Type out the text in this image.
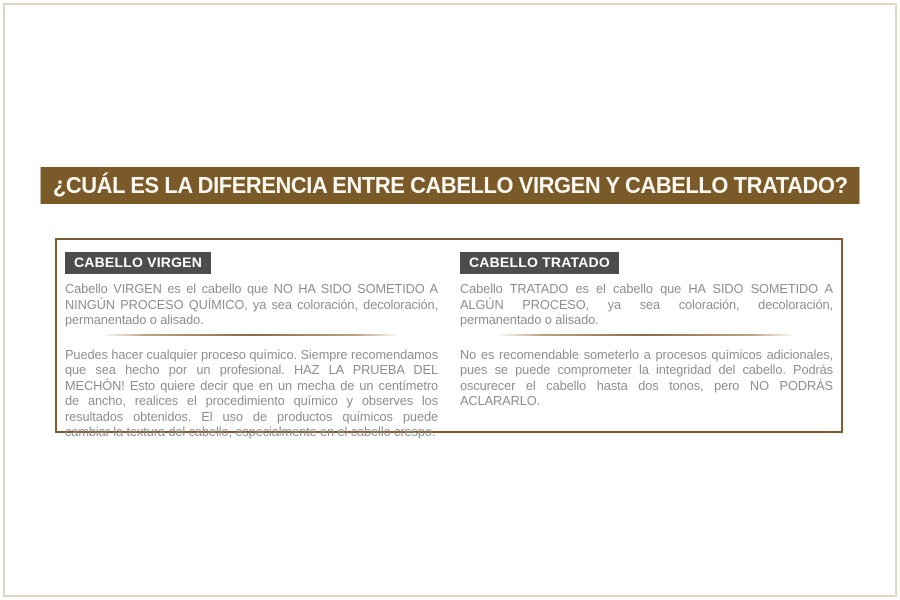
¿CUÁL ES LA DIFERENCIA ENTRE CABELLO VIRGEN Y CABELLO TRATADO?
CABELLO VIRGEN	CABELLO TRATADO

Cabello VIRGEN es el cabello que NO HA SIDO SOMETIDO A NINGÚN PROCESO QUÍMICO, ya sea coloración, decoloración, permanentado o alisado.

Cabello TRATADO es el cabello que HA SIDO SOMETIDO A ALGÚN PROCESO, ya sea coloración, decoloración, permanentado o alisado.

Puedes hacer cualquier proceso químico. Siempre recomendamos que sea hecho por un profesional. HAZ LA PRUEBA DEL MECHÓN! Esto quiere decir que en un mecha de un centímetro de ancho, realices el procedimiento químico y observes los resultados obtenidos. El uso de productos químicos puede cambiar la textura del cabello, especialmente en el cabello crespo.

No es recomendable someterlo a procesos químicos adicionales, pues se puede comprometer la integridad del cabello. Podrás oscurecer el cabello hasta dos tonos, pero NO PODRÁS ACLARARLO.
